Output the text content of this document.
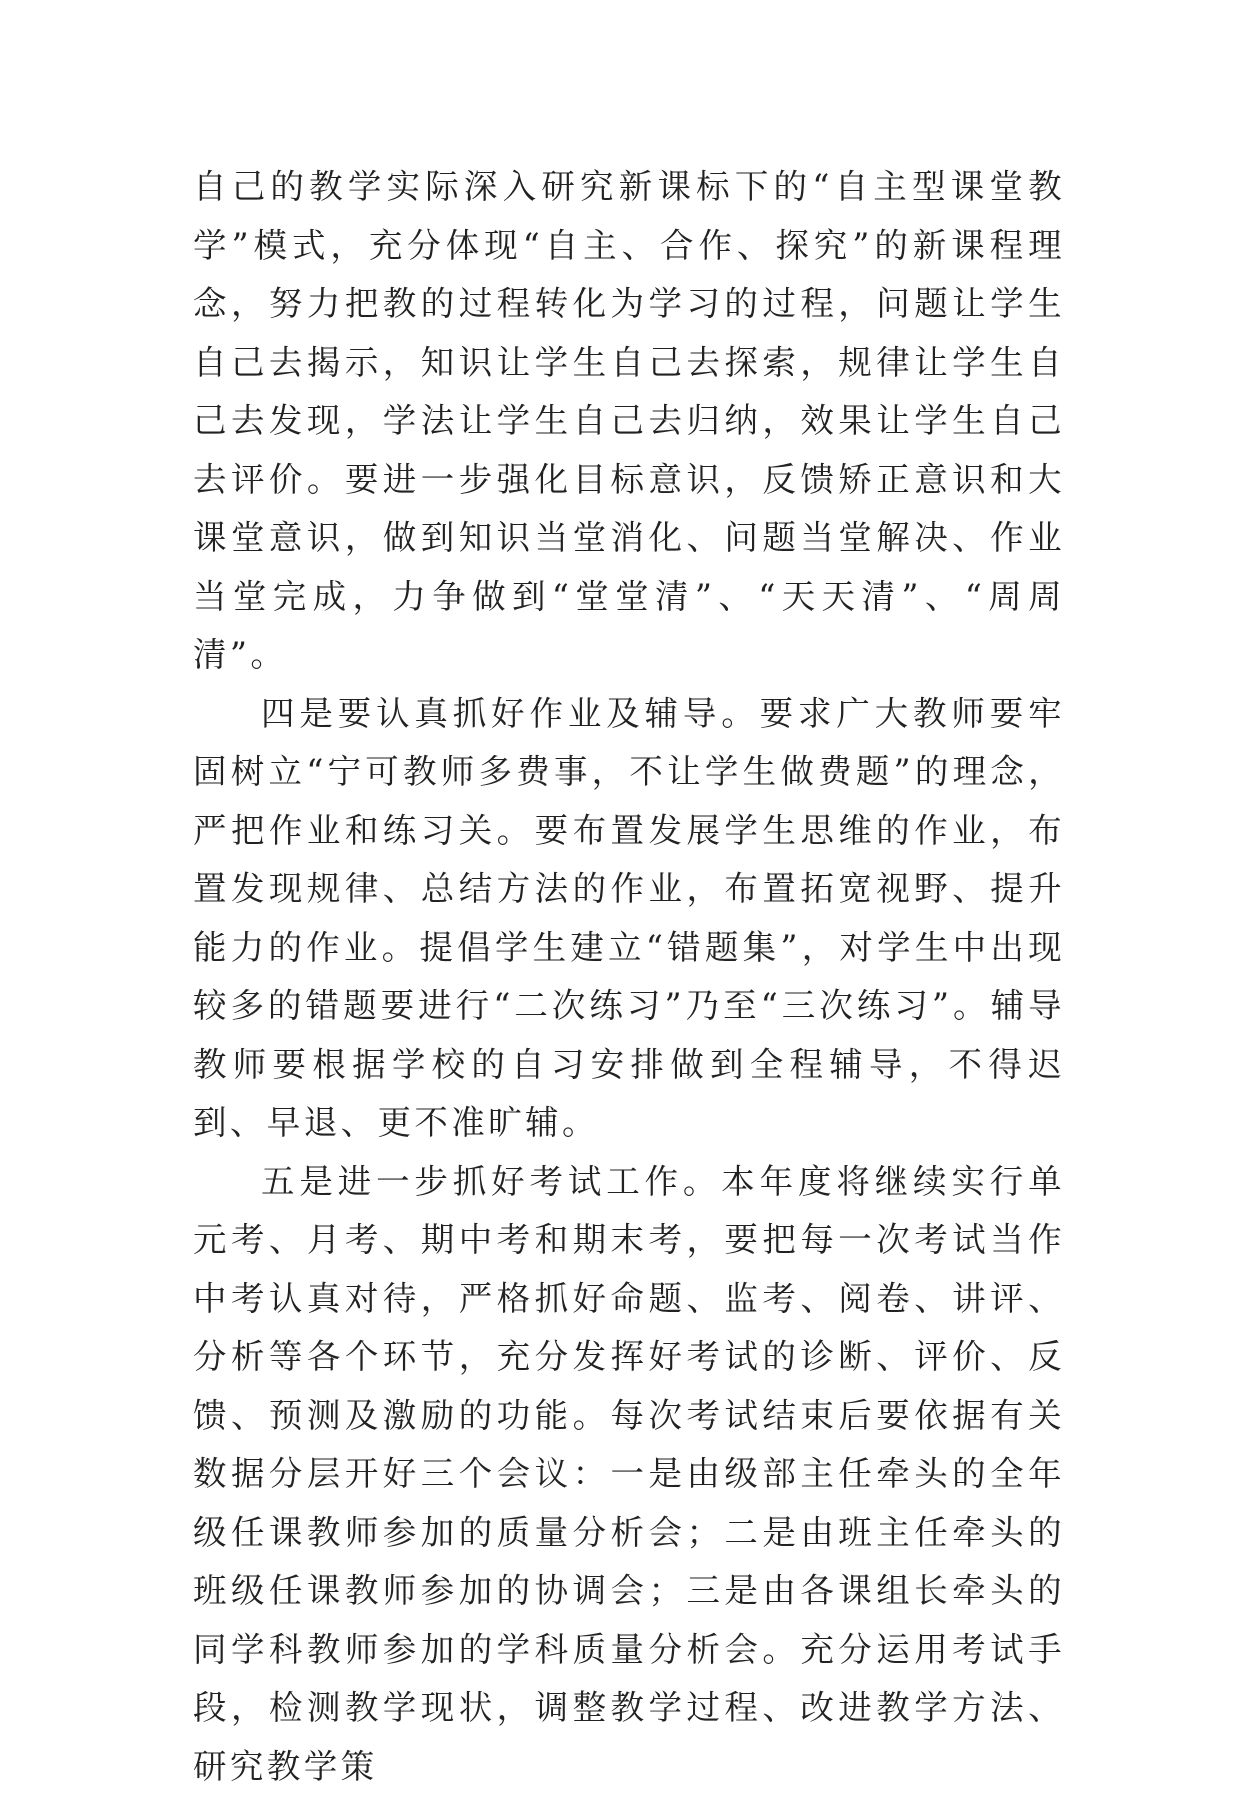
自己的教学实际深入研究新课标下的“自主型课堂教学”模式，充分体现“自主、合作、探究”的新课程理念，努力把教的过程转化为学习的过程，问题让学生自己去揭示，知识让学生自己去探索，规律让学生自己去发现，学法让学生自己去归纳，效果让学生自己去评价。要进一步强化目标意识，反馈矫正意识和大课堂意识，做到知识当堂消化、问题当堂解决、作业当堂完成，力争做到“堂堂清”、“天天清”、“周周清”。

四是要认真抓好作业及辅导。要求广大教师要牢固树立“宁可教师多费事，不让学生做费题”的理念，严把作业和练习关。要布置发展学生思维的作业，布置发现规律、总结方法的作业，布置拓宽视野、提升能力的作业。提倡学生建立“错题集”，对学生中出现较多的错题要进行“二次练习”乃至“三次练习”。辅导教师要根据学校的自习安排做到全程辅导，不得迟到、早退、更不准旷辅。

五是进一步抓好考试工作。本年度将继续实行单元考、月考、期中考和期末考，要把每一次考试当作中考认真对待，严格抓好命题、监考、阅卷、讲评、分析等各个环节，充分发挥好考试的诊断、评价、反馈、预测及激励的功能。每次考试结束后要依据有关数据分层开好三个会议：一是由级部主任牵头的全年级任课教师参加的质量分析会；二是由班主任牵头的班级任课教师参加的协调会；三是由各课组长牵头的同学科教师参加的学科质量分析会。充分运用考试手段，检测教学现状，调整教学过程、改进教学方法、研究教学策
